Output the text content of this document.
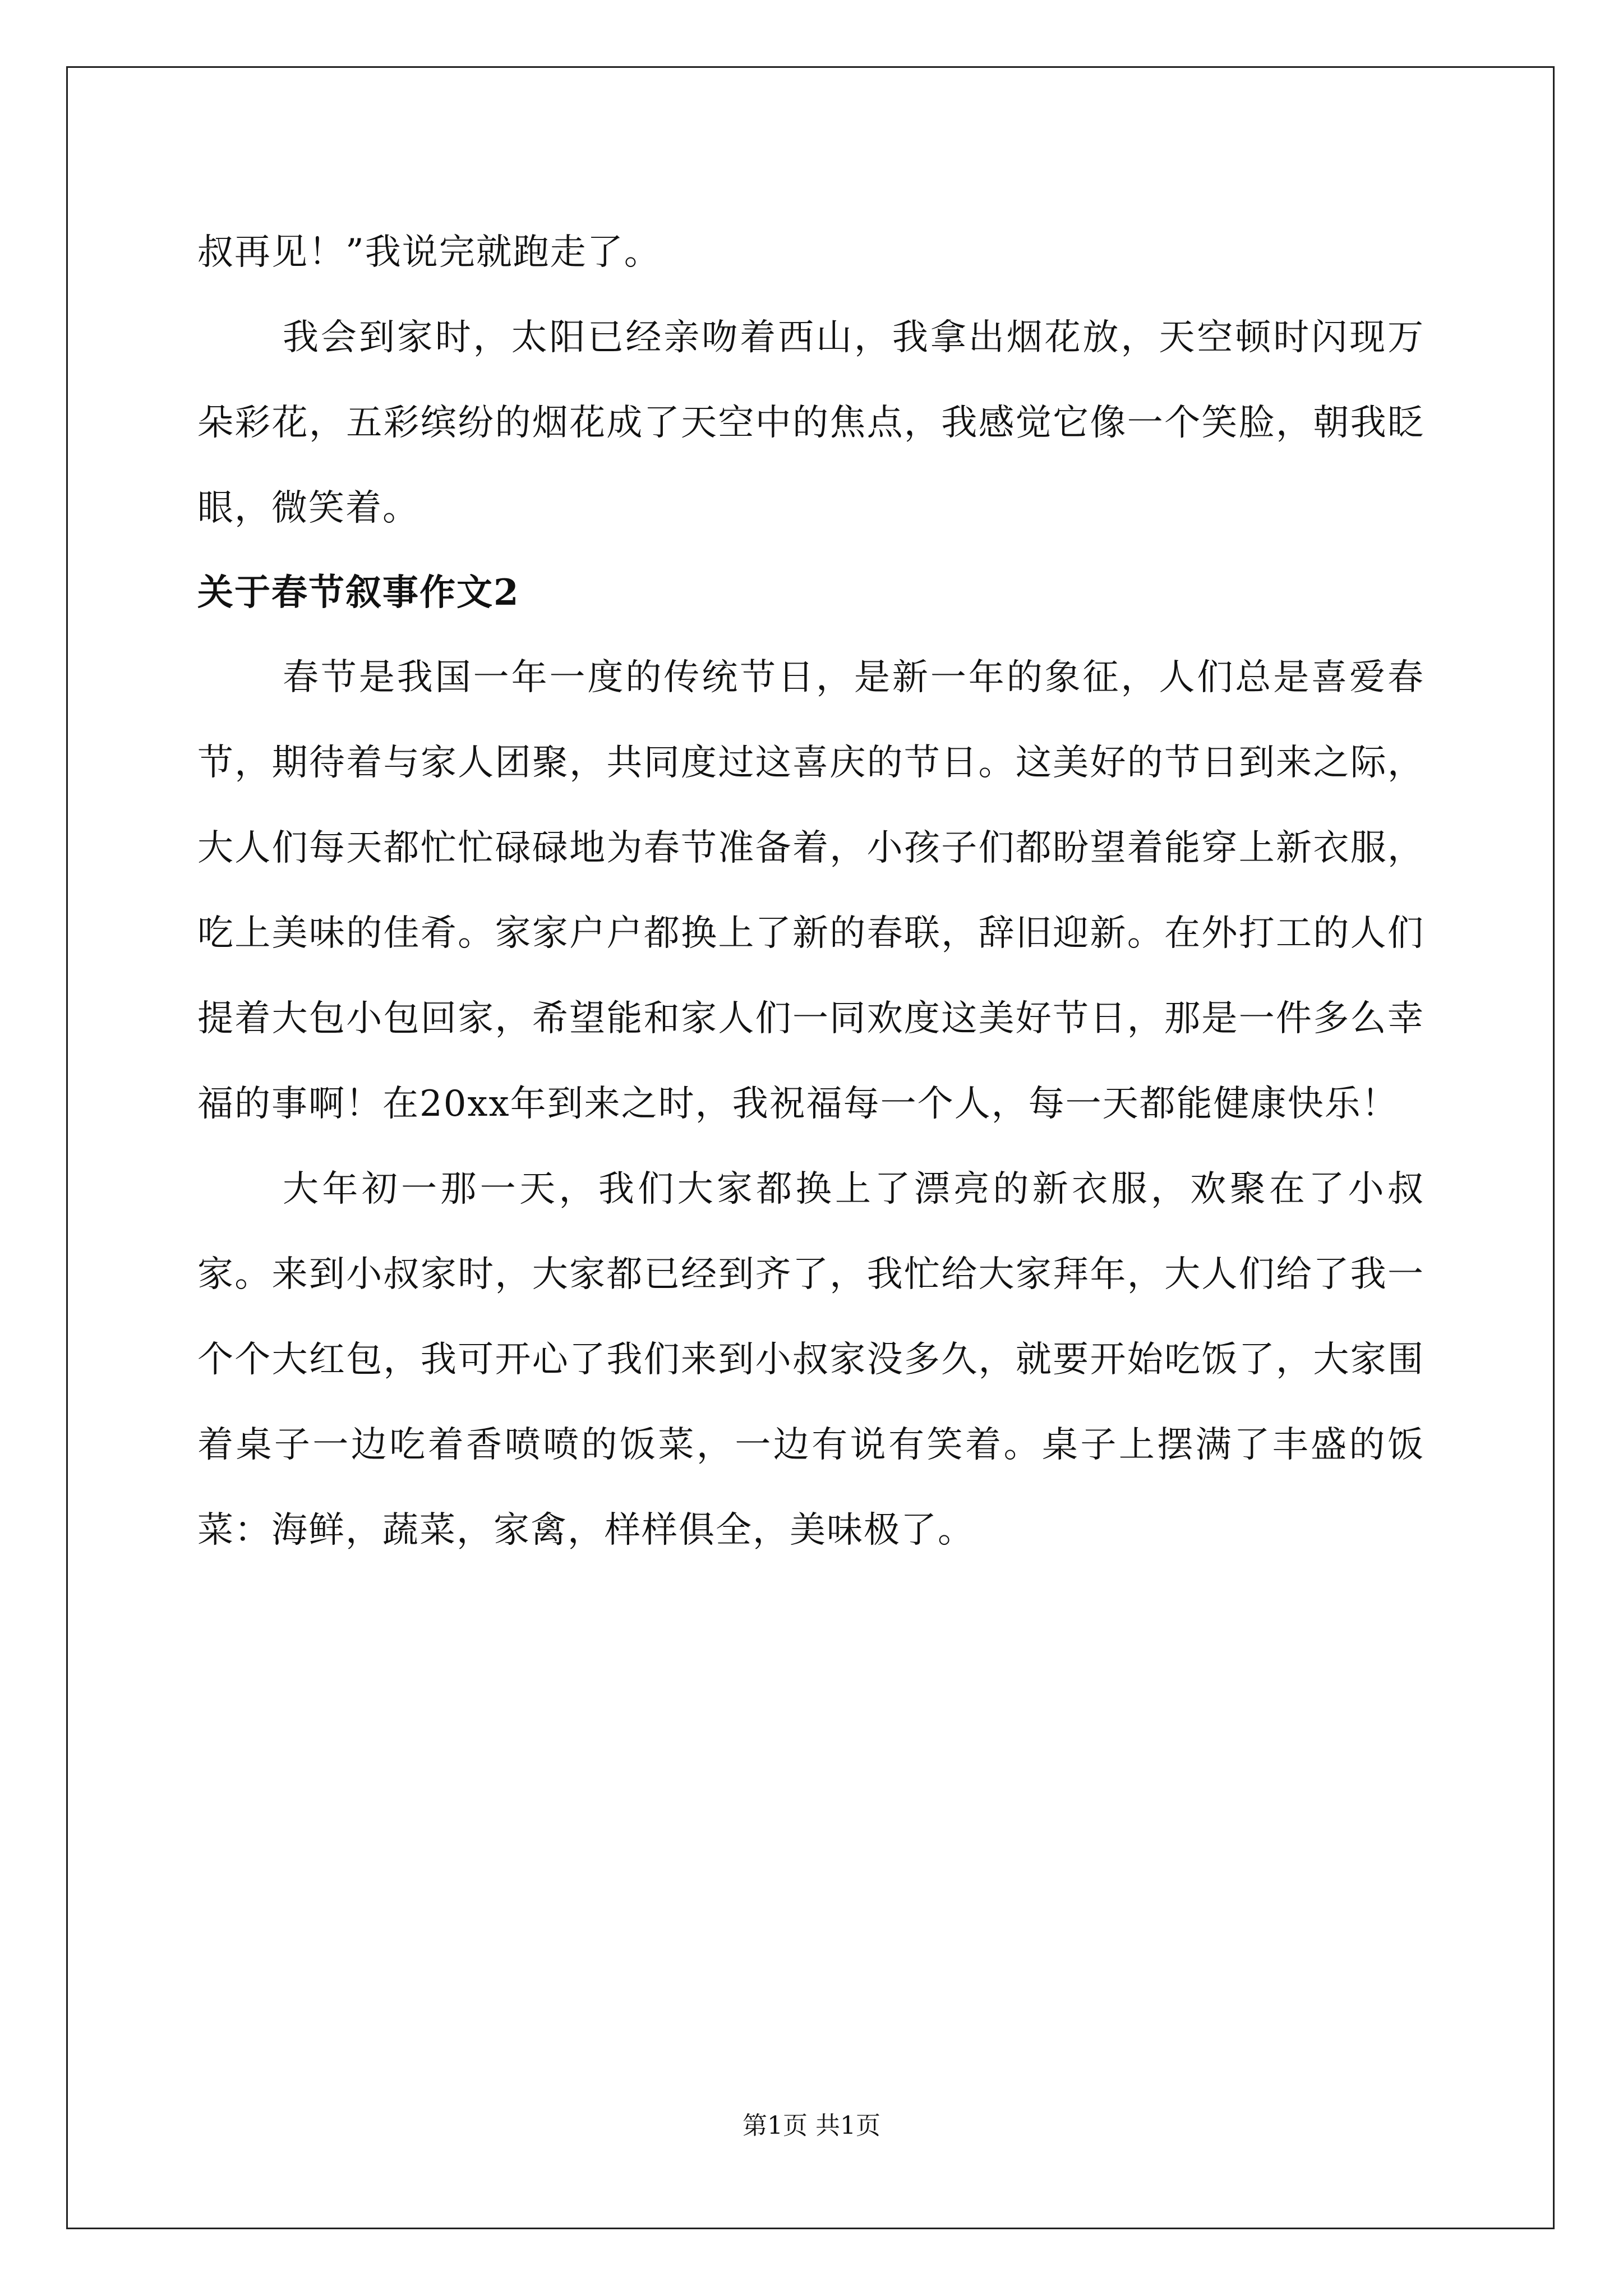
叔再见！”我说完就跑走了。

我会到家时，太阳已经亲吻着西山，我拿出烟花放，天空顿时闪现万朵彩花，五彩缤纷的烟花成了天空中的焦点，我感觉它像一个笑脸，朝我眨眼，微笑着。

关于春节叙事作文2

春节是我国一年一度的传统节日，是新一年的象征，人们总是喜爱春节，期待着与家人团聚，共同度过这喜庆的节日。这美好的节日到来之际，大人们每天都忙忙碌碌地为春节准备着，小孩子们都盼望着能穿上新衣服，吃上美味的佳肴。家家户户都换上了新的春联，辞旧迎新。在外打工的人们提着大包小包回家，希望能和家人们一同欢度这美好节日，那是一件多么幸福的事啊！在20xx年到来之时，我祝福每一个人，每一天都能健康快乐！

大年初一那一天，我们大家都换上了漂亮的新衣服，欢聚在了小叔家。来到小叔家时，大家都已经到齐了，我忙给大家拜年，大人们给了我一个个大红包，我可开心了我们来到小叔家没多久，就要开始吃饭了，大家围着桌子一边吃着香喷喷的饭菜，一边有说有笑着。桌子上摆满了丰盛的饭菜：海鲜，蔬菜，家禽，样样俱全，美味极了。

第1页 共1页
